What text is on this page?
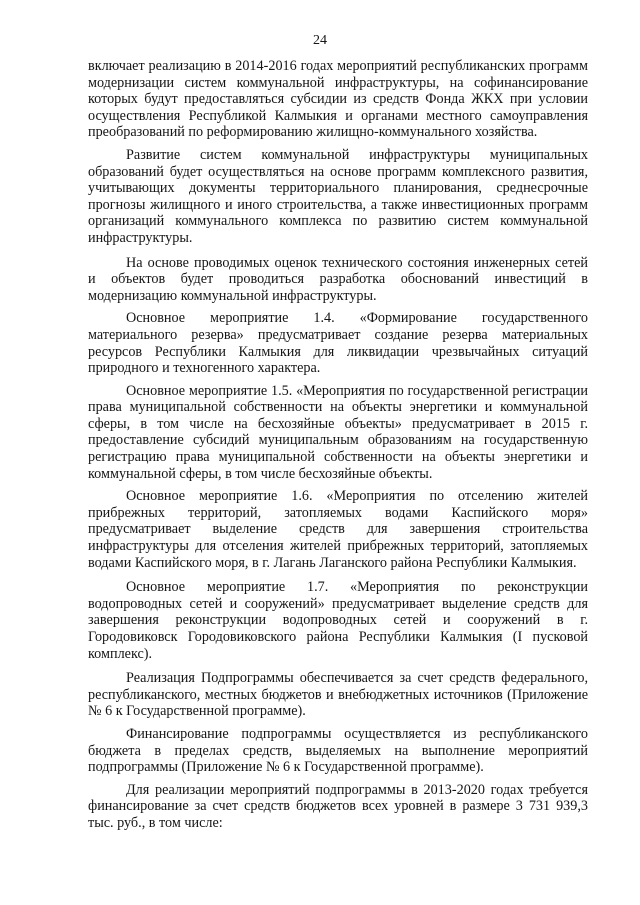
24

включает реализацию в 2014-2016 годах мероприятий республиканских программ модернизации систем коммунальной инфраструктуры, на софинансирование которых будут предоставляться субсидии из средств Фонда ЖКХ при условии осуществления Республикой Калмыкия и органами местного самоуправления преобразований по реформированию жилищно-коммунального хозяйства.

Развитие систем коммунальной инфраструктуры муниципальных образований будет осуществляться на основе программ комплексного развития, учитывающих документы территориального планирования, среднесрочные прогнозы жилищного и иного строительства, а также инвестиционных программ организаций коммунального комплекса по развитию систем коммунальной инфраструктуры.

На основе проводимых оценок технического состояния инженерных сетей и объектов будет проводиться разработка обоснований инвестиций в модернизацию коммунальной инфраструктуры.

Основное мероприятие 1.4. «Формирование государственного материального резерва» предусматривает создание резерва материальных ресурсов Республики Калмыкия для ликвидации чрезвычайных ситуаций природного и техногенного характера.

Основное мероприятие 1.5. «Мероприятия по государственной регистрации права муниципальной собственности на объекты энергетики и коммунальной сферы, в том числе на бесхозяйные объекты» предусматривает в 2015 г. предоставление субсидий муниципальным образованиям на государственную регистрацию права муниципальной собственности на объекты энергетики и коммунальной сферы, в том числе бесхозяйные объекты.

Основное мероприятие 1.6. «Мероприятия по отселению жителей прибрежных территорий, затопляемых водами Каспийского моря» предусматривает выделение средств для завершения строительства инфраструктуры для отселения жителей прибрежных территорий, затопляемых водами Каспийского моря, в г. Лагань Лаганского района Республики Калмыкия.

Основное мероприятие 1.7. «Мероприятия по реконструкции водопроводных сетей и сооружений» предусматривает выделение средств для завершения реконструкции водопроводных сетей и сооружений в г. Городовиковск Городовиковского района Республики Калмыкия (I пусковой комплекс).

Реализация Подпрограммы обеспечивается за счет средств федерального, республиканского, местных бюджетов и внебюджетных источников (Приложение № 6 к Государственной программе).

Финансирование подпрограммы осуществляется из республиканского бюджета в пределах средств, выделяемых на выполнение мероприятий подпрограммы (Приложение № 6 к Государственной программе).

Для реализации мероприятий подпрограммы в 2013-2020 годах требуется финансирование за счет средств бюджетов всех уровней в размере 3 731 939,3 тыс. руб., в том числе:
